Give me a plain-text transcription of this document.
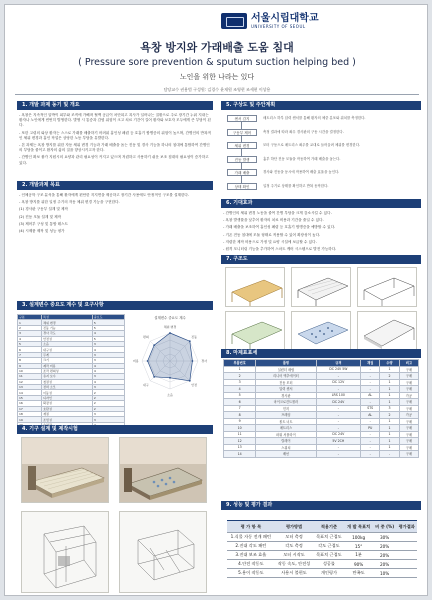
서울시립대학교
UNIVERSITY OF SEOUL
욕창 방지와 가래배출 도움 침대
( Pressure sore prevention & sputum suction helping bed )
노인을 위한 나라는 있다
담당교수 권용범 구성원: 김경수 윤재원 조영현 조세현 이상용
1. 개발 과제 동기 및 개요

- 욕창은 지속적인 압박이 피부와 조직에 가해져 혈액 공급이 차단되고 괴사가 일어나는 질환으로 주로 장기간 누워 지내는 환자나 노인에게 빈번히 발생한다. 발생 시 통증과 감염 위험이 크고 치료 기간이 길어 환자와 보호자 모두에게 큰 부담이 된다.

- 또한 고령의 와상 환자는 스스로 가래를 배출하기 어려워 흡인성 폐렴 등 호흡기 합병증의 위험이 높으며, 간병인의 반복적인 체위 변경과 흡인 작업은 상당한 노동 부담을 유발한다.

- 본 과제는 욕창 방지를 위한 자동 체위 변경 기능과 가래 배출을 돕는 진동 및 경사 기능을 하나의 침대에 통합하여 간병인의 부담을 줄이고 환자의 삶의 질을 향상시키고자 한다.

- 간병인 확보 불가 지원시의 요양과 관리 필요성이 커지고 있으며 저렴하고 사용하기 쉬운 보조 침대의 필요성이 증가하고 있다.

2. 개발과제 목표

- 인체공학 구조 분석을 통해 환자에게 편안한 지지면을 제공하고 장기간 사용에도 안정적인 구조를 설계한다.

- 욕창 방지를 위한 일정 주기의 자동 체위 변경 기능을 구현한다.

(1) 경사판 구동부 설계 및 제작

(2) 진동 모듈 설계 및 제작

(3) 제어부 구성 및 통합 테스트

(4) 시제품 제작 및 성능 평가

3. 설계변수 중요도 계수 및 요구사항
구분	특성	중요도
1	체위 변경	5
2	진동 기능	5
3	경사 각도	4
4	안전성	5
5	소음	3
6	내구성	4
7	무게	3
8	크기	3
9	제작 비용	4
10	조작 편의성	4
11	유지 보수	3
12	청결성	4
13	전력 소모	3
14	이동성	2
15	디자인	2
16	확장성	2
17	호환성	2
18	재질	3
19	조립성	3

설계변수 중요도 계수
체위 변경
진동
경사
안전
소음
내구
비용
편의
4. 기구 설계 및 제작시험
5. 구상도 및 주안계획
센서 감지	매트리스 하부 압력 센서를 통해 환자의 체중 분포와 위치를 측정한다.
구동부 제어	측정 결과에 따라 좌우 경사판의 구동 시간을 결정한다.
체위 변경	모터 구동으로 매트리스 좌우를 교대로 들어올려 체위를 변경한다.
진동 발생	흉부 하단 진동 모듈을 작동하여 가래 배출을 돕는다.
가래 배출	경사와 진동을 동시에 작용하여 배출 효율을 높인다.
상태 확인	일정 주기로 상태를 확인하고 반복 동작한다.
6. 기대효과

- 간병인의 체위 변경 노동을 줄여 간병 부담을 크게 감소시킬 수 있다.

- 욕창 발생률을 낮추어 환자의 치료 비용과 기간을 줄일 수 있다.

- 가래 배출을 보조하여 흡인성 폐렴 등 호흡기 합병증을 예방할 수 있다.

- 기존 전동 침대에 모듈 형태로 적용할 수 있어 확장성이 높다.

- 저렴한 제작 비용으로 가정 및 요양 시설에 보급할 수 있다.

- 원격 모니터링 기능을 추가하여 스마트 케어 시스템으로 발전 가능하다.

7. 구조도
8. 마제표표세
부품번호	품명	규격	재질	수량	비고
1	실린더 매립	DC 24V 5W	-	1	구매
2	리니어 액추에이터	-	-	2	구매
3	진동 모터	DC 12V	-	1	구매
4	압력 센서	-	-	1	구매
5	경사판	LRS 100	AL	1	가공
6	마이크로컨트롤러	DC 24V	-	1	구매
7	힌지	-	STS	3	구매
8	프레임	-	AL	2	가공
9	볼트 너트	-	-	1	구매
10	매트리스	-	PU	1	구매
11	파워 서플라이	DC 24V	-	1	구매
12	릴레이	5V 2CH	-	1	구매
13	스위치	-	-	1	구매
14	배선	-	-	-	구매
9. 성능 및 평가 결과
평 가 항 목	평가방법	적용기준	개 발 목표치	비 중 (%)	평가결과
1.식물 자동 전개 패턴	모터 측정	목표치 근접도	100kg	30%	
2.진대 각도 패턴	각도 측정	각도 근접도	15°	20%	
3.진대 보조 효율	모터 시작도	목표치 근접도	1분	20%	
4.안전 작동도	작동 속도, 안전성	성공률	90%	20%	
5.용이 작동도	사용시 불편도	개인평가	만족도	10%	
